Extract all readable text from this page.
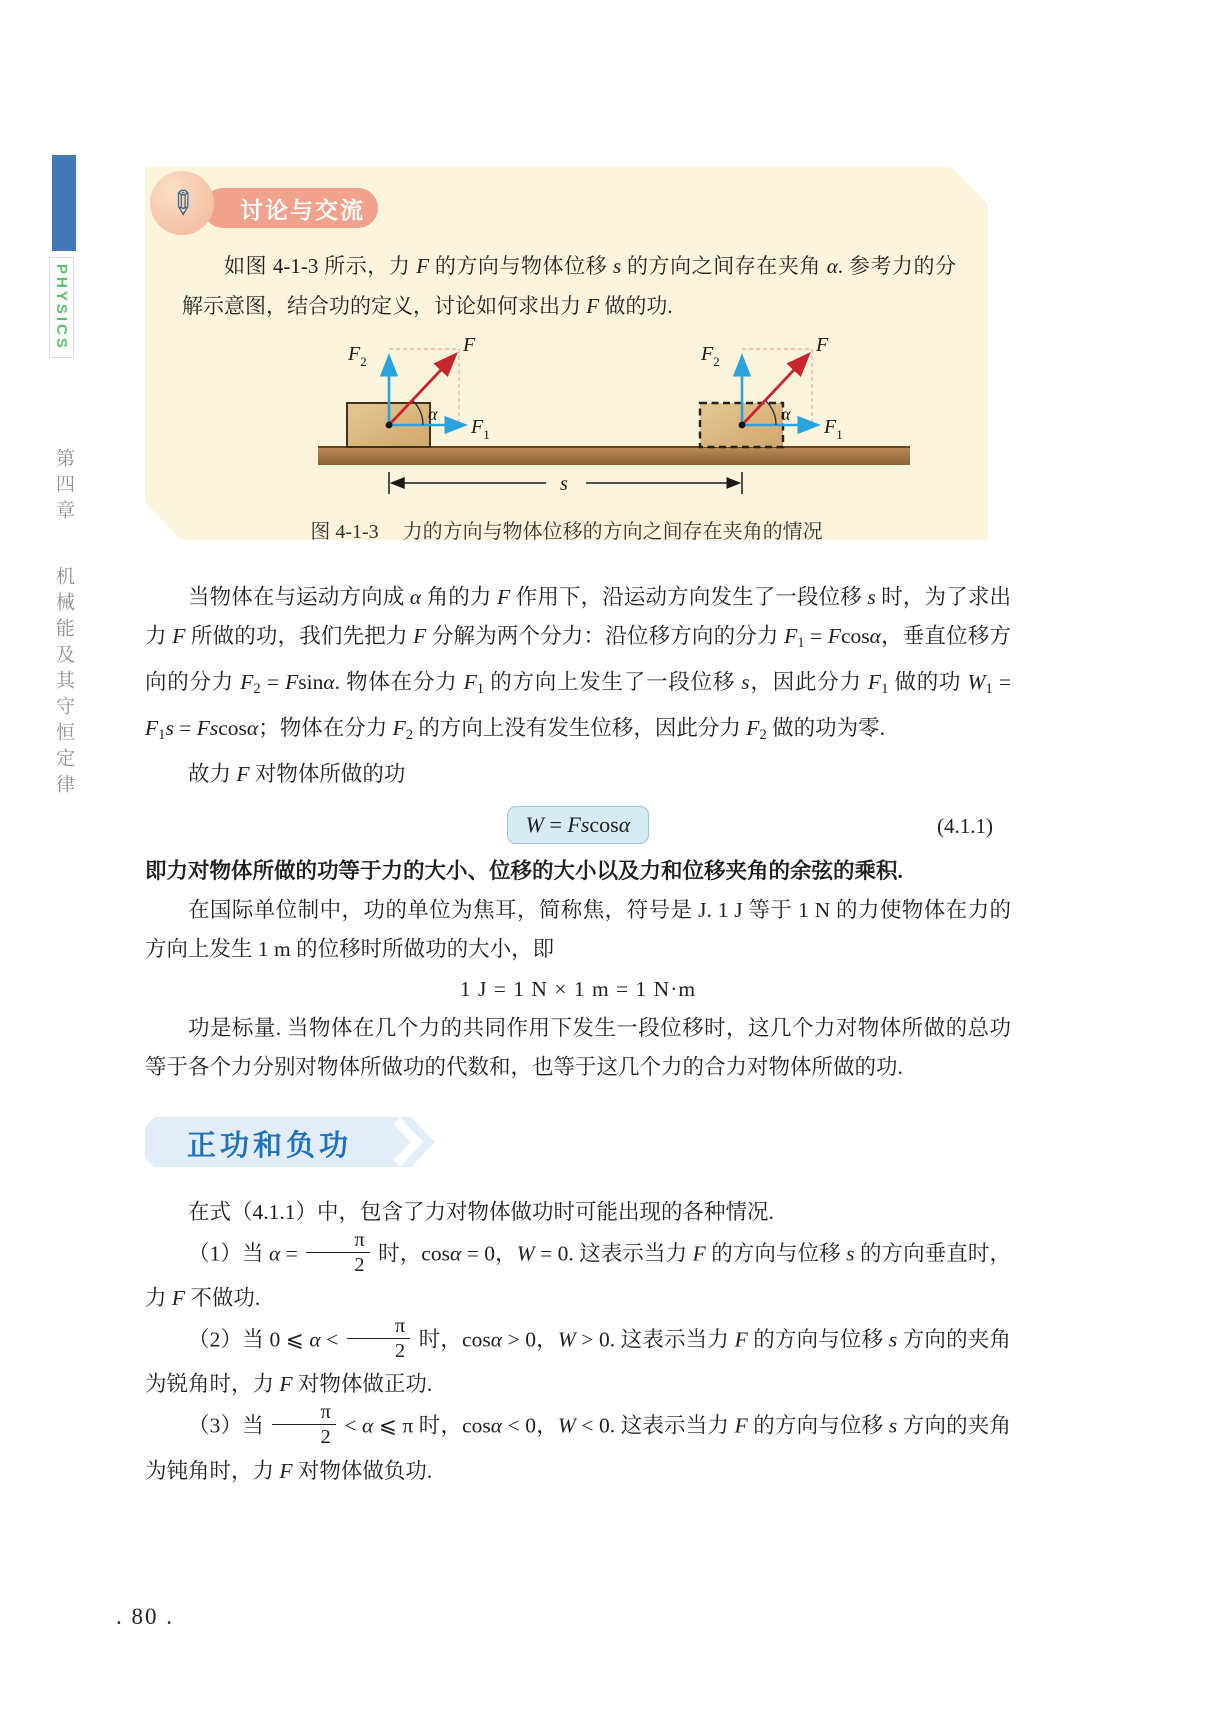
PHYSICS
第四章
机械能及其守恒定律
讨论与交流
✎
如图 4-1-3 所示，力 F 的方向与物体位移 s 的方向之间存在夹角 α. 参考力的分解示意图，结合功的定义，讨论如何求出力 F 做的功.
$F_2$
F
α
$F_1$
$F_2$
F
α
$F_1$
s
图 4-1-3 力的方向与物体位移的方向之间存在夹角的情况

当物体在与运动方向成 α 角的力 F 作用下，沿运动方向发生了一段位移 s 时，为了求出力 F 所做的功，我们先把力 F 分解为两个分力：沿位移方向的分力 F1 = Fcosα，垂直位移方向的分力 F2 = Fsinα. 物体在分力 F1 的方向上发生了一段位移 s，因此分力 F1 做的功 W1 = F1s = Fscosα；物体在分力 F2 的方向上没有发生位移，因此分力 F2 做的功为零.

故力 F 对物体所做的功

W = Fscosα	(4.1.1)

即力对物体所做的功等于力的大小、位移的大小以及力和位移夹角的余弦的乘积.

在国际单位制中，功的单位为焦耳，简称焦，符号是 J. 1 J 等于 1 N 的力使物体在力的方向上发生 1 m 的位移时所做功的大小，即

1 J = 1 N × 1 m = 1 N·m

功是标量. 当物体在几个力的共同作用下发生一段位移时，这几个力对物体所做的总功等于各个力分别对物体所做功的代数和，也等于这几个力的合力对物体所做的功.

正功和负功

在式（4.1.1）中，包含了力对物体做功时可能出现的各种情况.

（1）当 $\alpha = \frac{\pi}{2}$ 时，cosα = 0，W = 0. 这表示当力 F 的方向与位移 s 的方向垂直时，力 F 不做功.

（2）当 0 ⩽ $\alpha < \frac{\pi}{2}$ 时，cosα > 0，W > 0. 这表示当力 F 的方向与位移 s 方向的夹角为锐角时，力 F 对物体做正功.

（3）当 $\frac{\pi}{2} < \alpha$ ⩽ π 时，cosα < 0，W < 0. 这表示当力 F 的方向与位移 s 方向的夹角为钝角时，力 F 对物体做负功.

. 80 .
